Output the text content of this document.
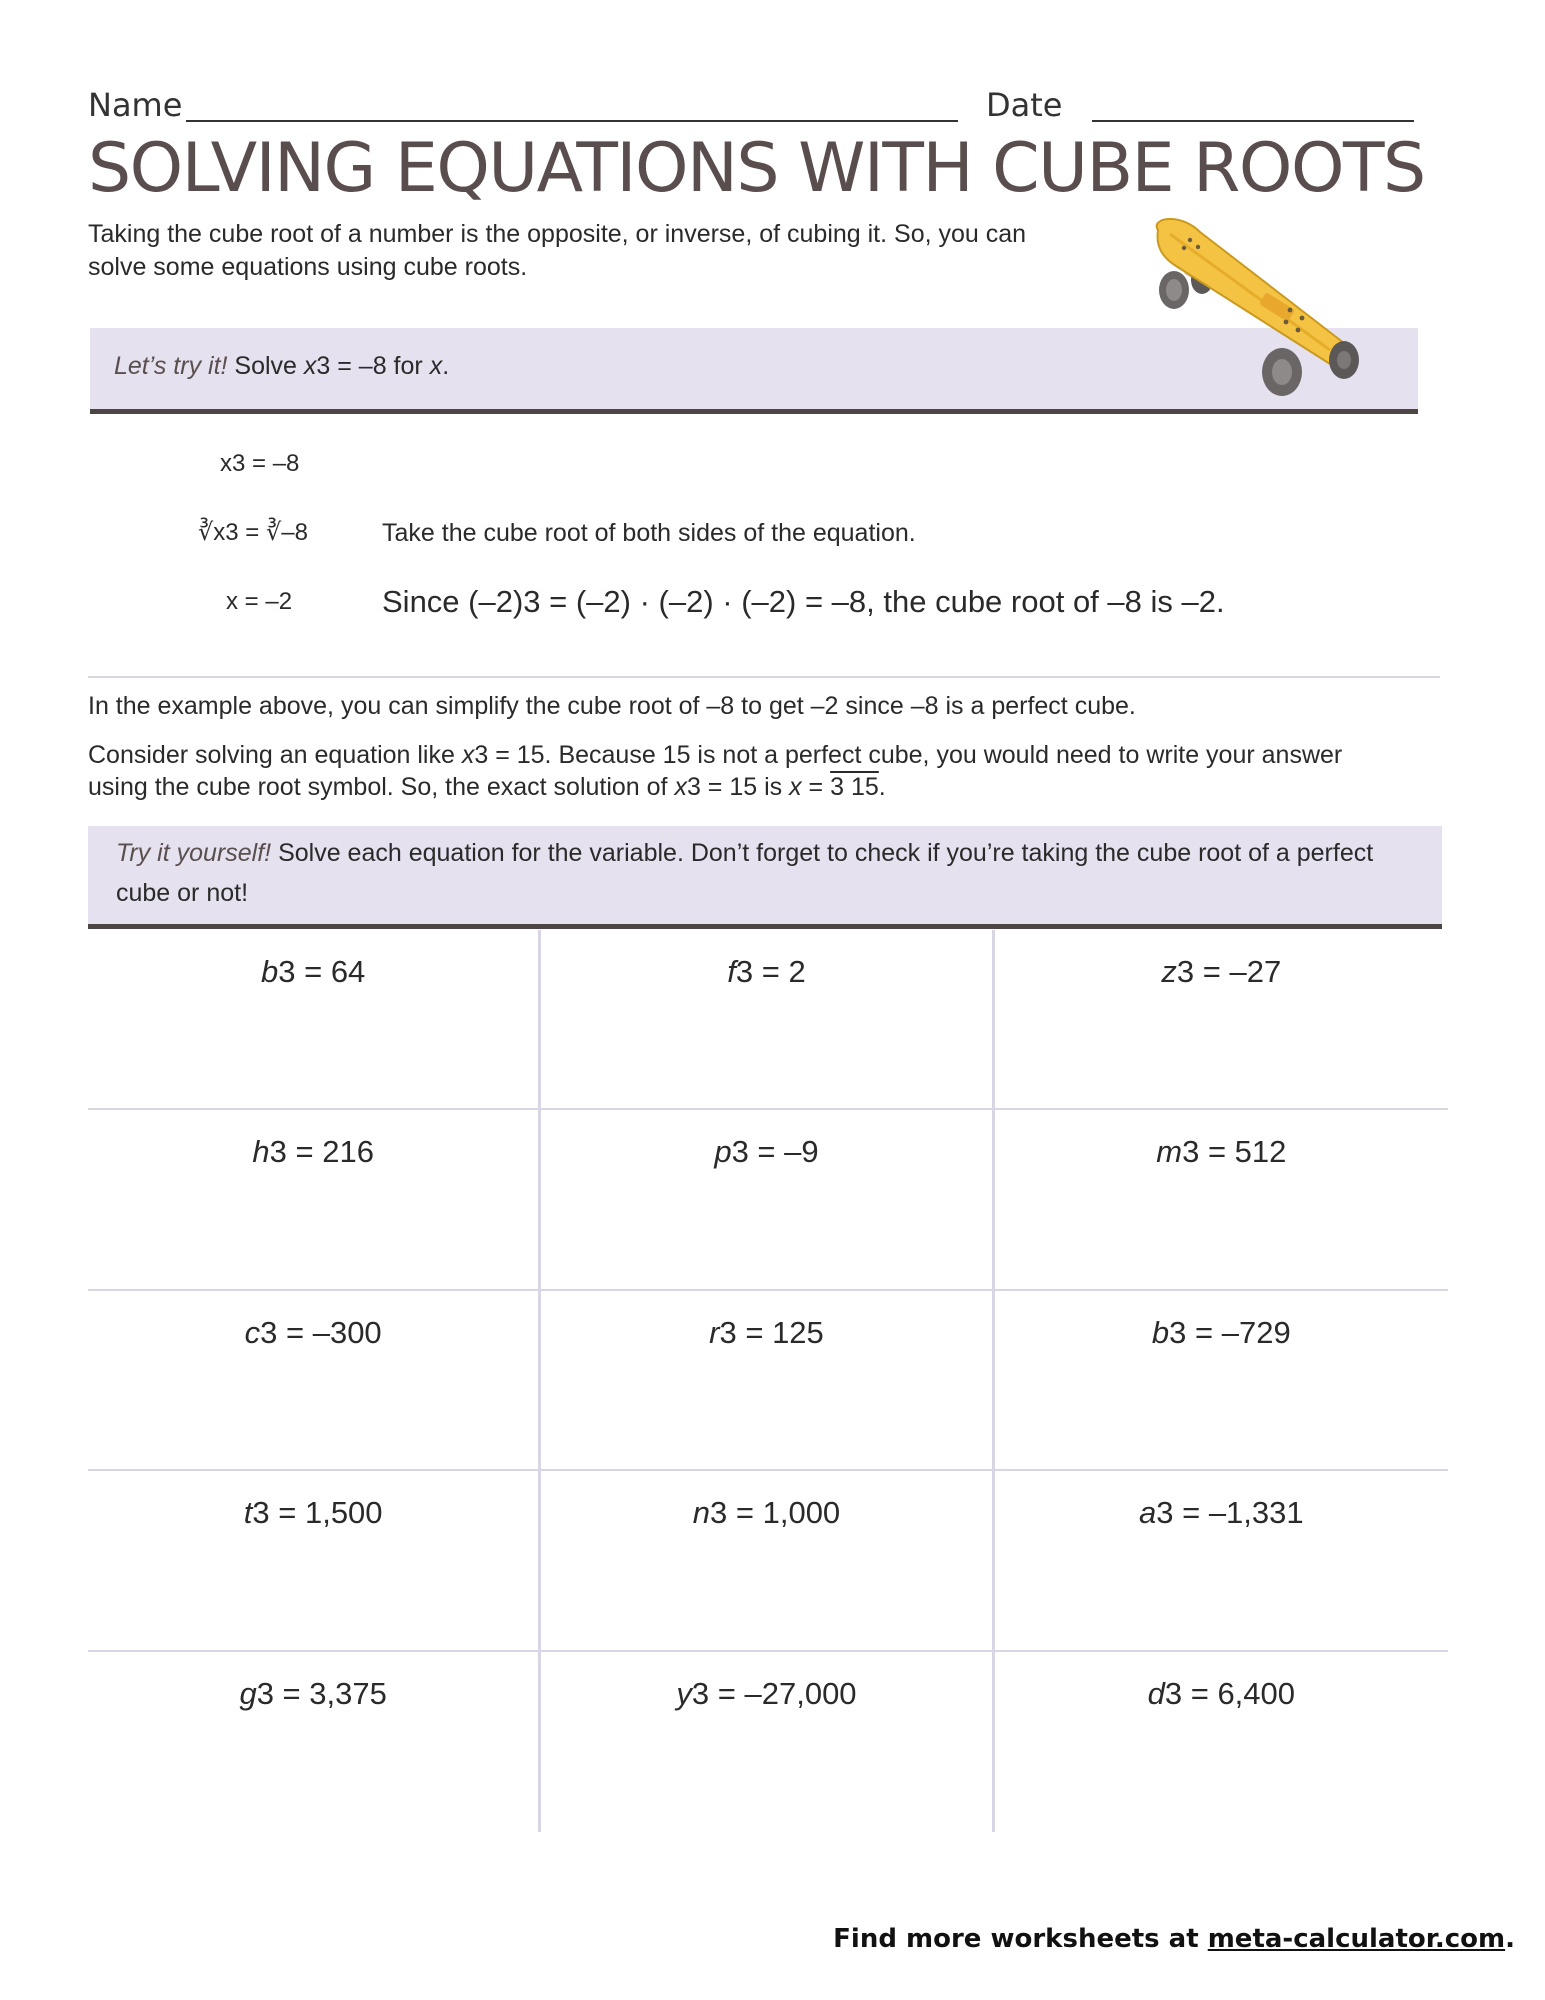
Name	Date
SOLVING EQUATIONS WITH CUBE ROOTS
Taking the cube root of a number is the opposite, or inverse, of cubing it. So, you can solve some equations using cube roots.
Let’s try it! Solve x3 = –8 for x.
x3 = –8
∛x3 = ∛–8	Take the cube root of both sides of the equation.
x = –2	Since (–2)3 = (–2) · (–2) · (–2) = –8, the cube root of –8 is –2.
In the example above, you can simplify the cube root of –8 to get –2 since –8 is a perfect cube.
Consider solving an equation like x3 = 15. Because 15 is not a perfect cube, you would need to write your answer using the cube root symbol. So, the exact solution of x3 = 15 is x = 3 15.
Try it yourself! Solve each equation for the variable. Don’t forget to check if you’re taking the cube root of a perfect cube or not!
b3 = 64	f3 = 2	z3 = –27
h3 = 216	p3 = –9	m3 = 512
c3 = –300	r3 = 125	b3 = –729
t3 = 1,500	n3 = 1,000	a3 = –1,331
g3 = 3,375	y3 = –27,000	d3 = 6,400
Find more worksheets at meta-calculator.com.
